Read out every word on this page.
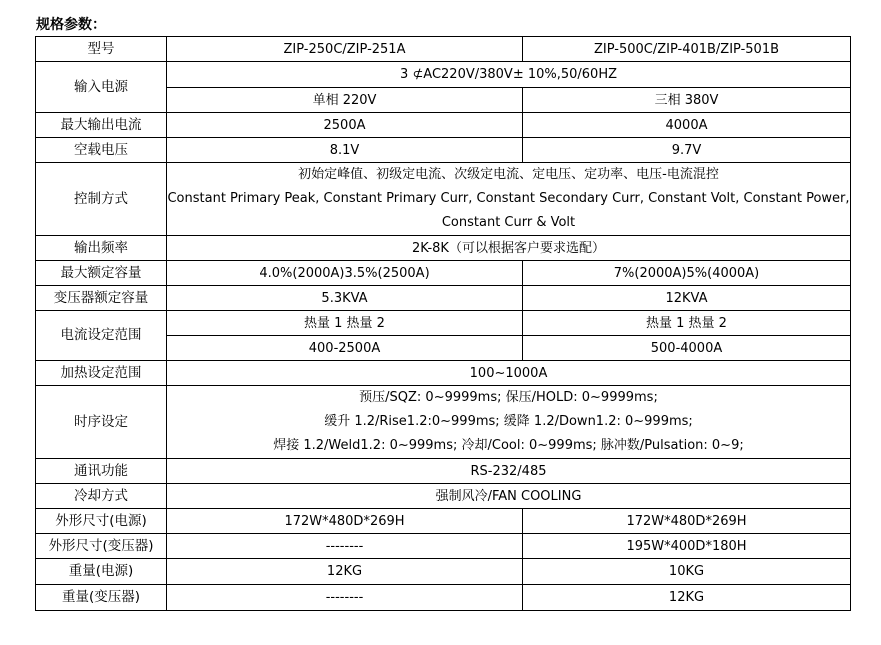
规格参数：
型号	ZIP-250C/ZIP-251A	ZIP-500C/ZIP-401B/ZIP-501B
输入电源	3 ⊄AC220V/380V± 10%,50/60HZ	
	单相 220V	三相 380V
最大输出电流	2500A	4000A
空载电压	8.1V	9.7V
控制方式	初始定峰值、初级定电流、次级定电流、定电压、定功率、电压-电流混控
Constant Primary Peak, Constant Primary Curr, Constant Secondary Curr, Constant Volt, Constant Power,
Constant Curr & Volt	

输出频率	2K-8K（可以根据客户要求选配）	
最大额定容量	4.0%(2000A)3.5%(2500A)	7%(2000A)5%(4000A)
变压器额定容量	5.3KVA	12KVA
电流设定范围	热量 1 热量 2	热量 1 热量 2
	400-2500A	500-4000A
加热设定范围	100~1000A	
时序设定	预压/SQZ: 0~9999ms; 保压/HOLD: 0~9999ms;
缓升 1.2/Rise1.2:0~999ms; 缓降 1.2/Down1.2: 0~999ms;
焊接 1.2/Weld1.2: 0~999ms; 冷却/Cool: 0~999ms; 脉冲数/Pulsation: 0~9;	

通讯功能	RS-232/485	
冷却方式	强制风冷/FAN COOLING	
外形尺寸(电源)	172W*480D*269H	172W*480D*269H
外形尺寸(变压器)	--------	195W*400D*180H
重量(电源)	12KG	10KG
重量(变压器)	--------	12KG
